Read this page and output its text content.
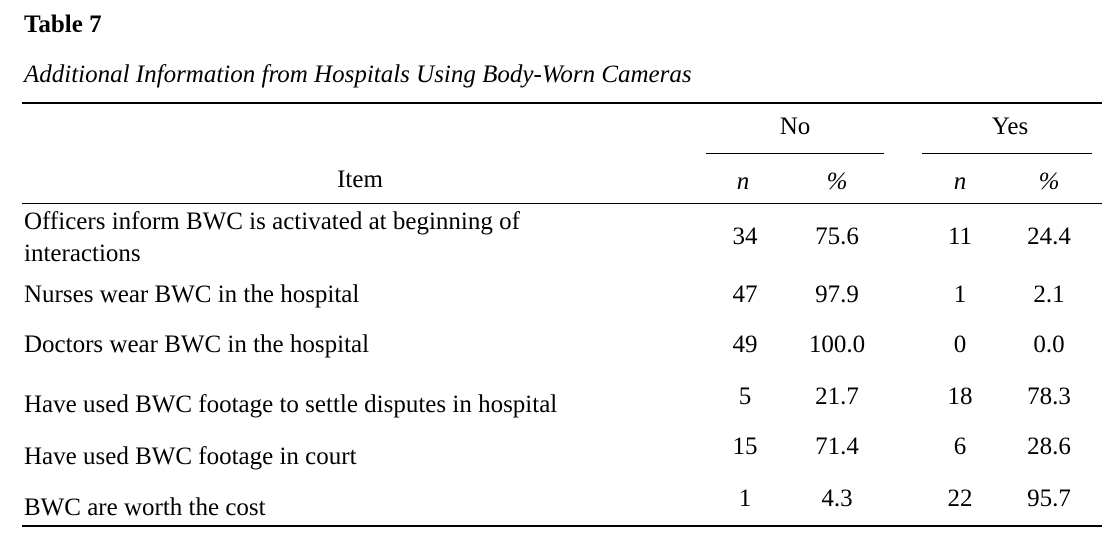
Table 7
Additional Information from Hospitals Using Body-Worn Cameras
No	Yes
Item	n	%	n	%
Officers inform BWC is activated at beginning of
interactions
34 75.6	11 24.4
Nurses wear BWC in the hospital	47 97.9	1	2.1
Doctors wear BWC in the hospital	49 100.0	0	0.0
Have used BWC footage to settle disputes in hospital	5	21.7	18 78.3
Have used BWC footage in court	15 71.4	6 28.6
BWC are worth the cost	1	4.3	22 95.7
